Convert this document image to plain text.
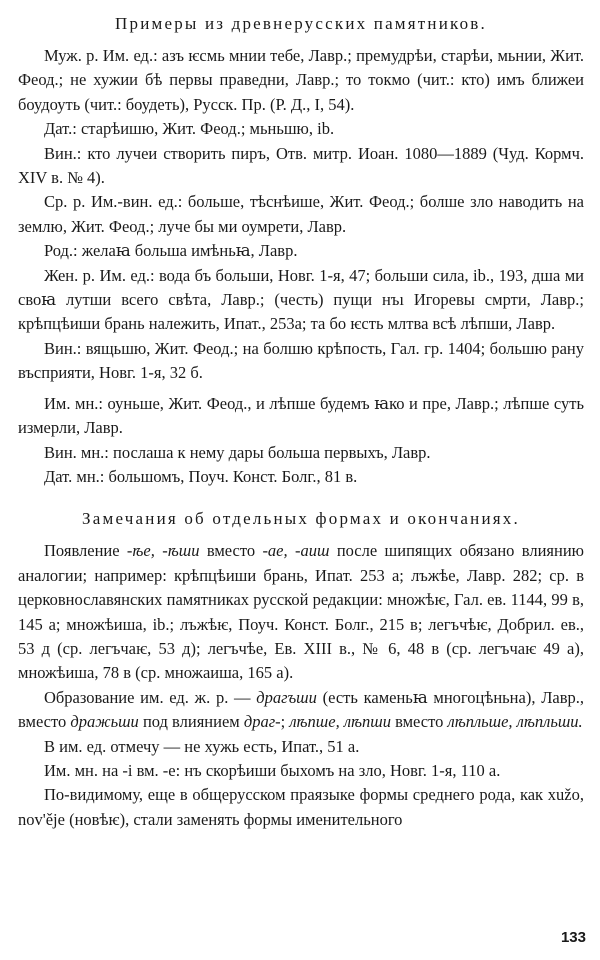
Примеры из древнерусских памятников.

Муж. р. Им. ед.: азъ ѥсмь мнии тебе, Лавр.; премудрѣи, старѣи, мьнии, Жит. Феод.; не хужии бѣ первы праведни, Лавр.; то токмо (чит.: кто) имъ ближеи боудоуть (чит.: боудеть), Русск. Пр. (Р. Д., I, 54).

Дат.: старѣишю, Жит. Феод.; мьньшю, ib.

Вин.: кто лучеи створить пиръ, Отв. митр. Иоан. 1080—1889 (Чуд. Кормч. XIV в. № 4).

Ср. р. Им.-вин. ед.: больше, тѣснѣише, Жит. Феод.; болше зло наводить на землю, Жит. Феод.; луче бы ми оумрети, Лавр.

Род.: желаꙗ больша имѣньꙗ, Лавр.

Жен. р. Им. ед.: вода бъ больши, Новг. 1-я, 47; больши сила, ib., 193, дша ми своꙗ лутши всего свѣта, Лавр.; (честь) пущи нъı Игоревы смрти, Лавр.; крѣпцѣиши брань належить, Ипат., 253а; та бо ѥсть млтва всѣ лѣпши, Лавр.

Вин.: вящьшю, Жит. Феод.; на болшю крѣпость, Гал. гр. 1404; большю рану въсприяти, Новг. 1-я, 32 б.

Им. мн.: оуньше, Жит. Феод., и лѣпше будемъ ꙗко и пре, Лавр.; лѣпше суть измерли, Лавр.

Вин. мн.: послаша к нему дары больша первыхъ, Лавр.

Дат. мн.: большомъ, Поуч. Конст. Болг., 81 в.

Замечания об отдельных формах и окончаниях.

Появление -ѣе, -ѣши вместо -ае, -аиш после шипящих обязано влиянию аналогии; например: крѣпцѣиши брань, Ипат. 253 а; лъжѣе, Лавр. 282; ср. в церковнославянских памятниках русской редакции: множѣѥ, Гал. ев. 1144, 99 в, 145 а; множѣиша, ib.; лъжѣѥ, Поуч. Конст. Болг., 215 в; легъчѣѥ, Добрил. ев., 53 д (ср. легъчаѥ, 53 д); легъчѣе, Ев. XIII в., № 6, 48 в (ср. легъчаѥ 49 а), множѣиша, 78 в (ср. множаиша, 165 а).

Образование им. ед. ж. р. — драгъши (есть каменьꙗ многоцѣньна), Лавр., вместо дражьши под влиянием драг-; лѣпше, лѣпши вместо лѣпльше, лѣпльши.

В им. ед. отмечу — не хужь есть, Ипат., 51 а.

Им. мн. на -i вм. -e: нъ скорѣиши быхомъ на зло, Новг. 1-я, 110 а.

По-видимому, еще в общерусском праязыке формы среднего рода, как xužo, nov'ěje (новѣѥ), стали заменять формы именительного

133
